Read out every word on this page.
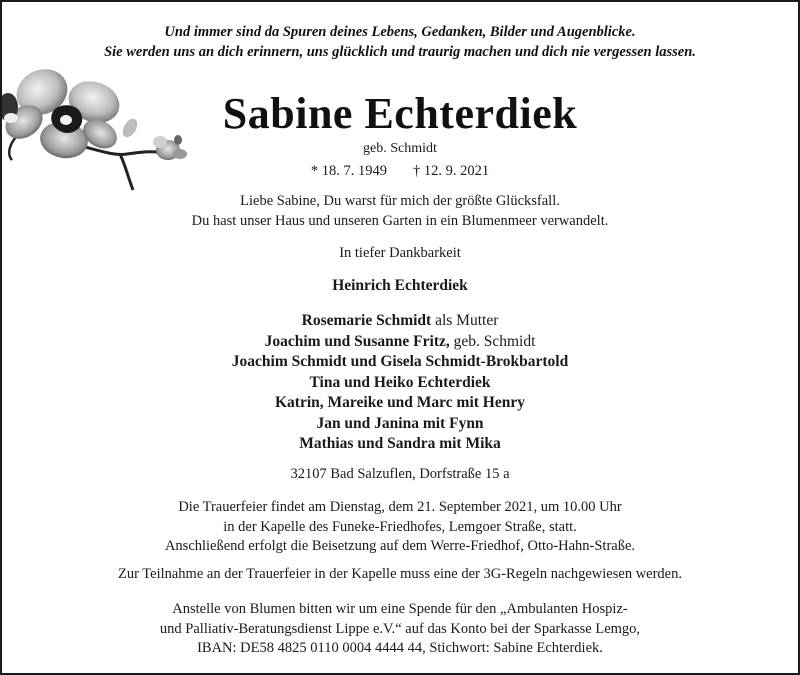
Und immer sind da Spuren deines Lebens, Gedanken, Bilder und Augenblicke.
Sie werden uns an dich erinnern, uns glücklich und traurig machen und dich nie vergessen lassen.
Sabine Echterdiek
geb. Schmidt
* 18. 7. 1949 † 12. 9. 2021
Liebe Sabine, Du warst für mich der größte Glücksfall.
Du hast unser Haus und unseren Garten in ein Blumenmeer verwandelt.
In tiefer Dankbarkeit
Heinrich Echterdiek
Rosemarie Schmidt als Mutter
Joachim und Susanne Fritz, geb. Schmidt
Joachim Schmidt und Gisela Schmidt-Brokbartold
Tina und Heiko Echterdiek
Katrin, Mareike und Marc mit Henry
Jan und Janina mit Fynn
Mathias und Sandra mit Mika
32107 Bad Salzuflen, Dorfstraße 15 a
Die Trauerfeier findet am Dienstag, dem 21. September 2021, um 10.00 Uhr
in der Kapelle des Funeke-Friedhofes, Lemgoer Straße, statt.
Anschließend erfolgt die Beisetzung auf dem Werre-Friedhof, Otto-Hahn-Straße.
Zur Teilnahme an der Trauerfeier in der Kapelle muss eine der 3G-Regeln nachgewiesen werden.
Anstelle von Blumen bitten wir um eine Spende für den „Ambulanten Hospiz-
und Palliativ-Beratungsdienst Lippe e.V.“ auf das Konto bei der Sparkasse Lemgo,
IBAN: DE58 4825 0110 0004 4444 44, Stichwort: Sabine Echterdiek.
